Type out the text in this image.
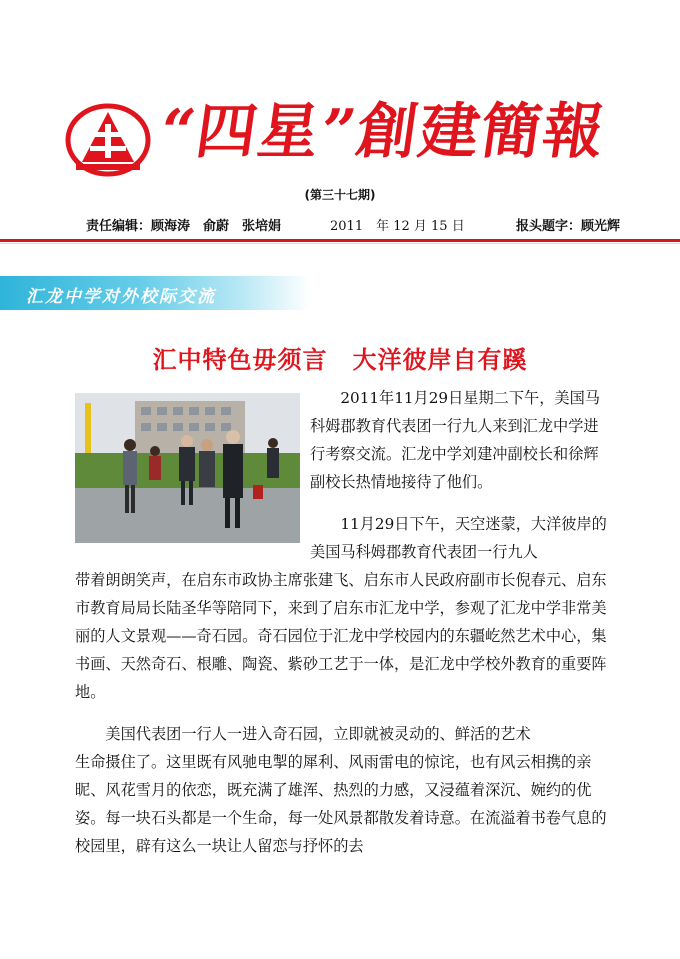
“四星”創建簡報
(第三十七期)
责任编辑：顾海涛　俞蔚　张培娟	2011　年 12 月 15 日	报头题字：顾光辉
汇龙中学对外校际交流
汇中特色毋须言　大洋彼岸自有蹊
2011年11月29日星期二下午，美国马科姆郡教育代表团一行九人来到汇龙中学进行考察交流。汇龙中学刘建冲副校长和徐辉副校长热情地接待了他们。
11月29日下午，天空迷蒙，大洋彼岸的美国马科姆郡教育代表团一行九人
带着朗朗笑声，在启东市政协主席张建飞、启东市人民政府副市长倪春元、启东市教育局局长陆圣华等陪同下，来到了启东市汇龙中学，参观了汇龙中学非常美丽的人文景观——奇石园。奇石园位于汇龙中学校园内的东疆屹然艺术中心，集书画、天然奇石、根雕、陶瓷、紫砂工艺于一体，是汇龙中学校外教育的重要阵地。
美国代表团一行人一进入奇石园，立即就被灵动的、鲜活的艺术
生命摄住了。这里既有风驰电掣的犀利、风雨雷电的惊诧，也有风云相携的亲昵、风花雪月的依恋，既充满了雄浑、热烈的力感，又浸蕴着深沉、婉约的优姿。每一块石头都是一个生命，每一处风景都散发着诗意。在流溢着书卷气息的校园里，辟有这么一块让人留恋与抒怀的去
